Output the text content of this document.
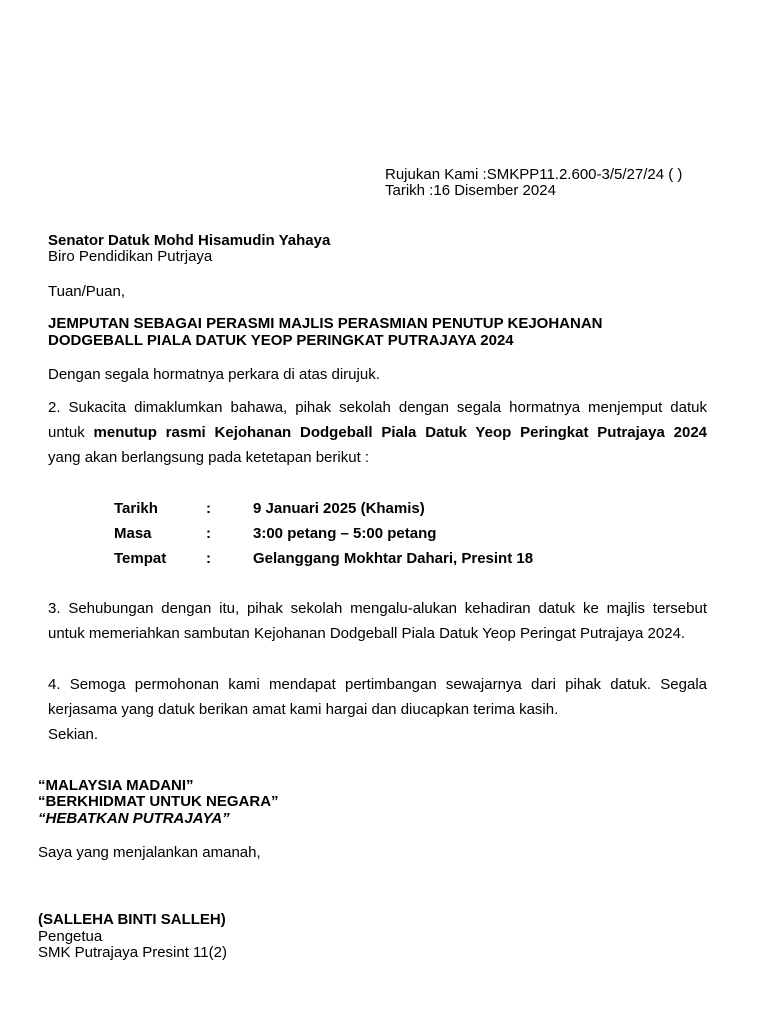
Rujukan Kami :SMKPP11.2.600-3/5/27/24 ( )
Tarikh :16 Disember 2024
Senator Datuk Mohd Hisamudin Yahaya
Biro Pendidikan Putrjaya
Tuan/Puan,
JEMPUTAN SEBAGAI PERASMI MAJLIS PERASMIAN PENUTUP KEJOHANAN
DODGEBALL PIALA DATUK YEOP PERINGKAT PUTRAJAYA 2024
Dengan segala hormatnya perkara di atas dirujuk.
2. Sukacita dimaklumkan bahawa, pihak sekolah dengan segala hormatnya menjemput datuk
untuk menutup rasmi Kejohanan Dodgeball Piala Datuk Yeop Peringkat Putrajaya 2024
yang akan berlangsung pada ketetapan berikut :
Tarikh	:	9 Januari 2025 (Khamis)
Masa	:	3:00 petang – 5:00 petang
Tempat	:	Gelanggang Mokhtar Dahari, Presint 18
3. Sehubungan dengan itu, pihak sekolah mengalu-alukan kehadiran datuk ke majlis tersebut
untuk memeriahkan sambutan Kejohanan Dodgeball Piala Datuk Yeop Peringat Putrajaya 2024.
4. Semoga permohonan kami mendapat pertimbangan sewajarnya dari pihak datuk. Segala
kerjasama yang datuk berikan amat kami hargai dan diucapkan terima kasih.
Sekian.
“MALAYSIA MADANI”
“BERKHIDMAT UNTUK NEGARA”
“HEBATKAN PUTRAJAYA”
Saya yang menjalankan amanah,
(SALLEHA BINTI SALLEH)
Pengetua
SMK Putrajaya Presint 11(2)
